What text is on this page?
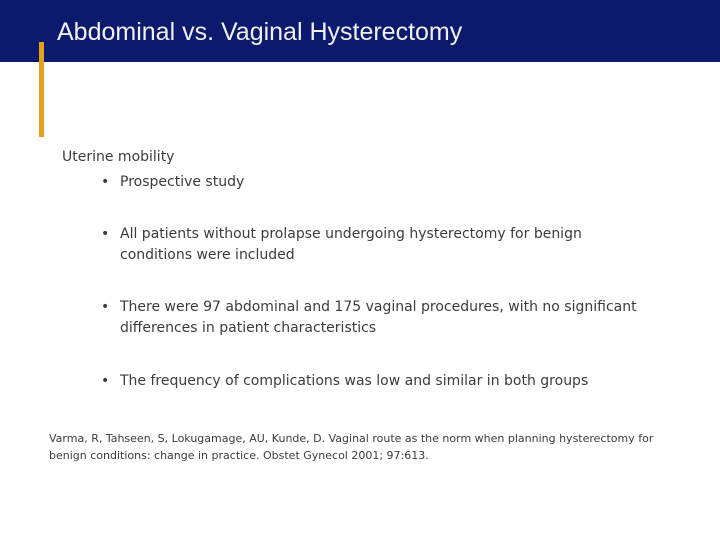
Abdominal vs. Vaginal Hysterectomy
Uterine mobility
• Prospective study
• All patients without prolapse undergoing hysterectomy for benign conditions were included
• There were 97 abdominal and 175 vaginal procedures, with no significant differences in patient characteristics
• The frequency of complications was low and similar in both groups
Varma, R, Tahseen, S, Lokugamage, AU, Kunde, D. Vaginal route as the norm when planning hysterectomy for benign conditions: change in practice. Obstet Gynecol 2001; 97:613.
